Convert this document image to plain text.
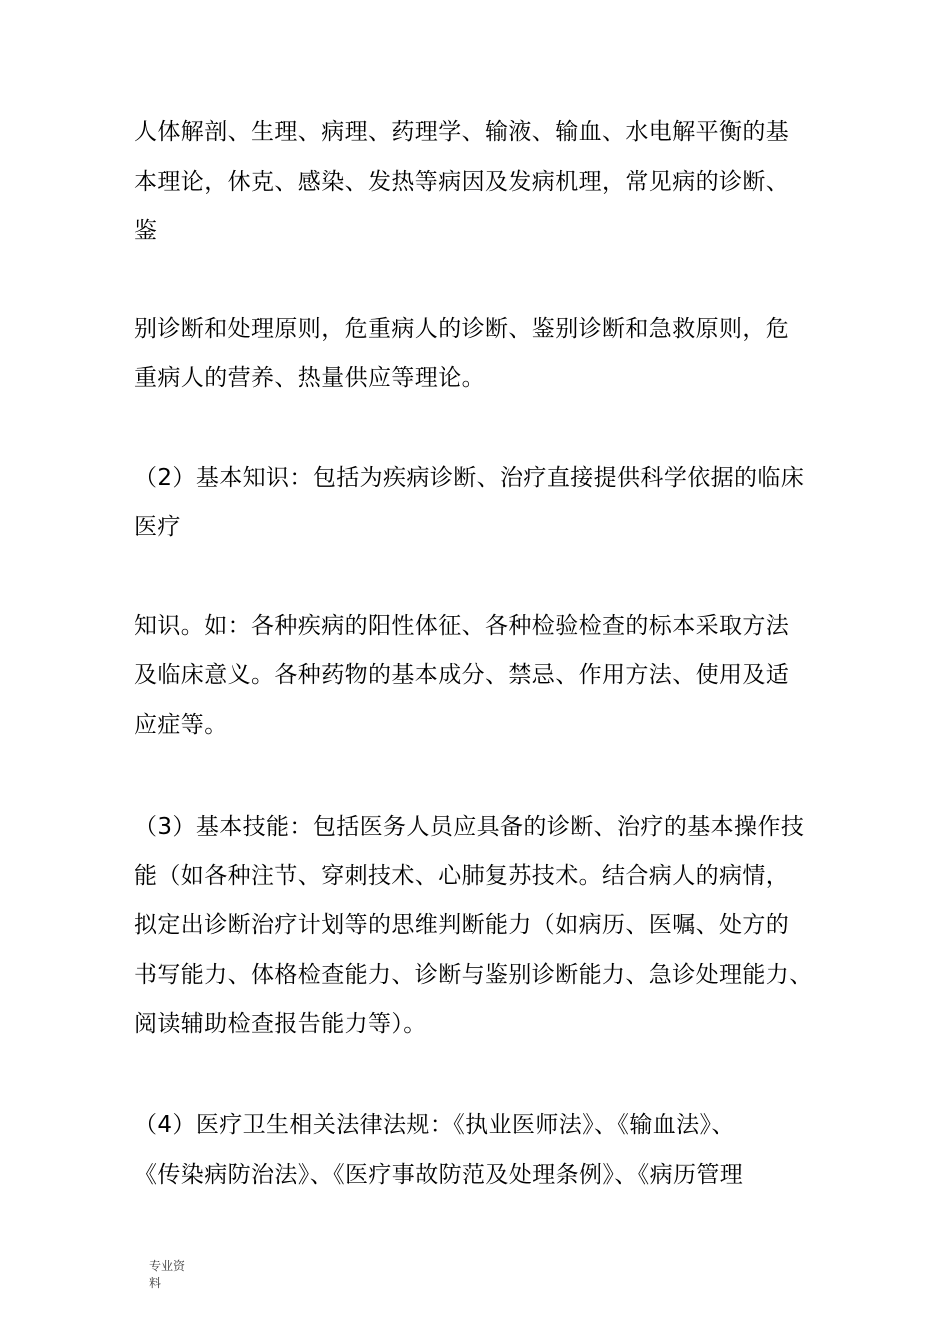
人体解剖、生理、病理、药理学、输液、输血、水电解平衡的基
本理论，休克、感染、发热等病因及发病机理，常见病的诊断、
鉴
别诊断和处理原则，危重病人的诊断、鉴别诊断和急救原则，危
重病人的营养、热量供应等理论。
（2）基本知识：包括为疾病诊断、治疗直接提供科学依据的临床
医疗
知识。如：各种疾病的阳性体征、各种检验检查的标本采取方法
及临床意义。各种药物的基本成分、禁忌、作用方法、使用及适
应症等。
（3）基本技能：包括医务人员应具备的诊断、治疗的基本操作技
能（如各种注节、穿刺技术、心肺复苏技术。结合病人的病情，
拟定出诊断治疗计划等的思维判断能力（如病历、医嘱、处方的
书写能力、体格检查能力、诊断与鉴别诊断能力、急诊处理能力、
阅读辅助检查报告能力等）。
（4）医疗卫生相关法律法规：《执业医师法》、《输血法》、
《传染病防治法》、《医疗事故防范及处理条例》、《病历管理
专业资
料
